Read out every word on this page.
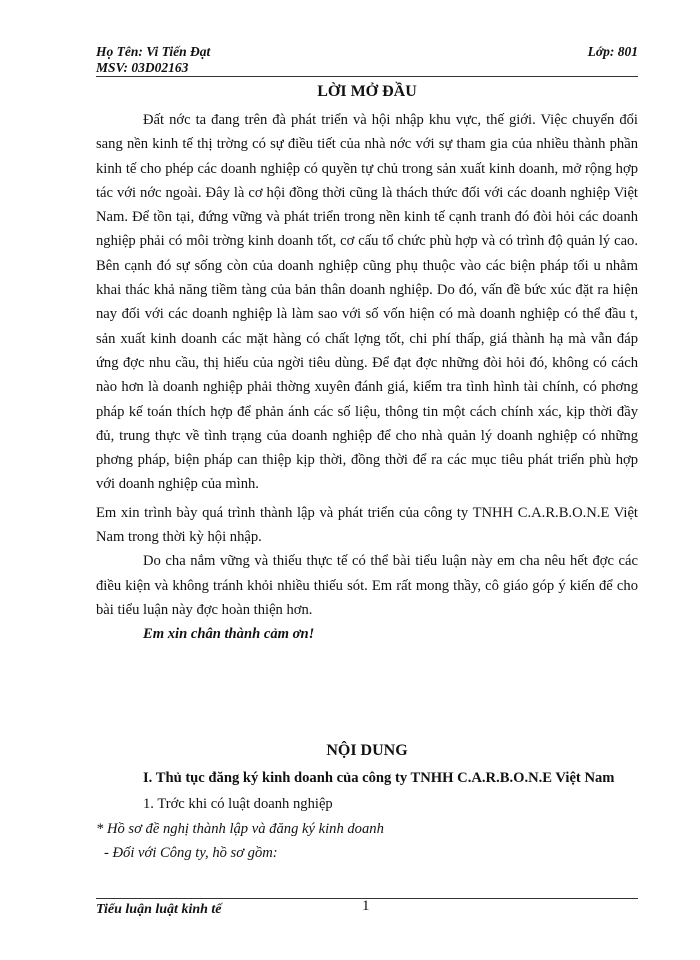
Họ Tên: Vi Tiến Đạt	Lớp: 801
MSV: 03D02163
LỜI MỞ ĐẦU

Đất nớc ta đang trên đà phát triển và hội nhập khu vực, thế giới. Việc chuyển đổi sang nền kinh tế thị trờng có sự điều tiết của nhà nớc với sự tham gia của nhiều thành phần kinh tế cho phép các doanh nghiệp có quyền tự chủ trong sản xuất kinh doanh, mở rộng hợp tác với nớc ngoài. Đây là cơ hội đồng thời cũng là thách thức đối với các doanh nghiệp Việt Nam. Để tồn tại, đứng vững và phát triển trong nền kinh tế cạnh tranh đó đòi hỏi các doanh nghiệp phải có môi trờng kinh doanh tốt, cơ cấu tổ chức phù hợp và có trình độ quản lý cao. Bên cạnh đó sự sống còn của doanh nghiệp cũng phụ thuộc vào các biện pháp tối u nhằm khai thác khả năng tiềm tàng của bản thân doanh nghiệp. Do đó, vấn đề bức xúc đặt ra hiện nay đối với các doanh nghiệp là làm sao với số vốn hiện có mà doanh nghiệp có thể đầu t, sản xuất kinh doanh các mặt hàng có chất lợng tốt, chi phí thấp, giá thành hạ mà vẫn đáp ứng đợc nhu cầu, thị hiếu của ngời tiêu dùng. Để đạt đợc những đòi hỏi đó, không có cách nào hơn là doanh nghiệp phải thờng xuyên đánh giá, kiểm tra tình hình tài chính, có phơng pháp kế toán thích hợp để phản ánh các số liệu, thông tin một cách chính xác, kịp thời đầy đủ, trung thực về tình trạng của doanh nghiệp để cho nhà quản lý doanh nghiệp có những phơng pháp, biện pháp can thiệp kịp thời, đồng thời để ra các mục tiêu phát triển phù hợp với doanh nghiệp của mình.

Em xin trình bày quá trình thành lập và phát triển của công ty TNHH C.A.R.B.O.N.E Việt Nam trong thời kỳ hội nhập.

Do cha nắm vững và thiếu thực tế có thể bài tiểu luận này em cha nêu hết đợc các điều kiện và không tránh khỏi nhiều thiếu sót. Em rất mong thầy, cô giáo góp ý kiến để cho bài tiểu luận này đợc hoàn thiện hơn.

Em xin chân thành cảm ơn!

NỘI DUNG

I. Thủ tục đăng ký kinh doanh của công ty TNHH C.A.R.B.O.N.E Việt Nam

1. Trớc khi có luật doanh nghiệp

* Hồ sơ đề nghị thành lập và đăng ký kinh doanh

- Đối với Công ty, hồ sơ gồm:

Tiểu luận luật kinh tế	1
